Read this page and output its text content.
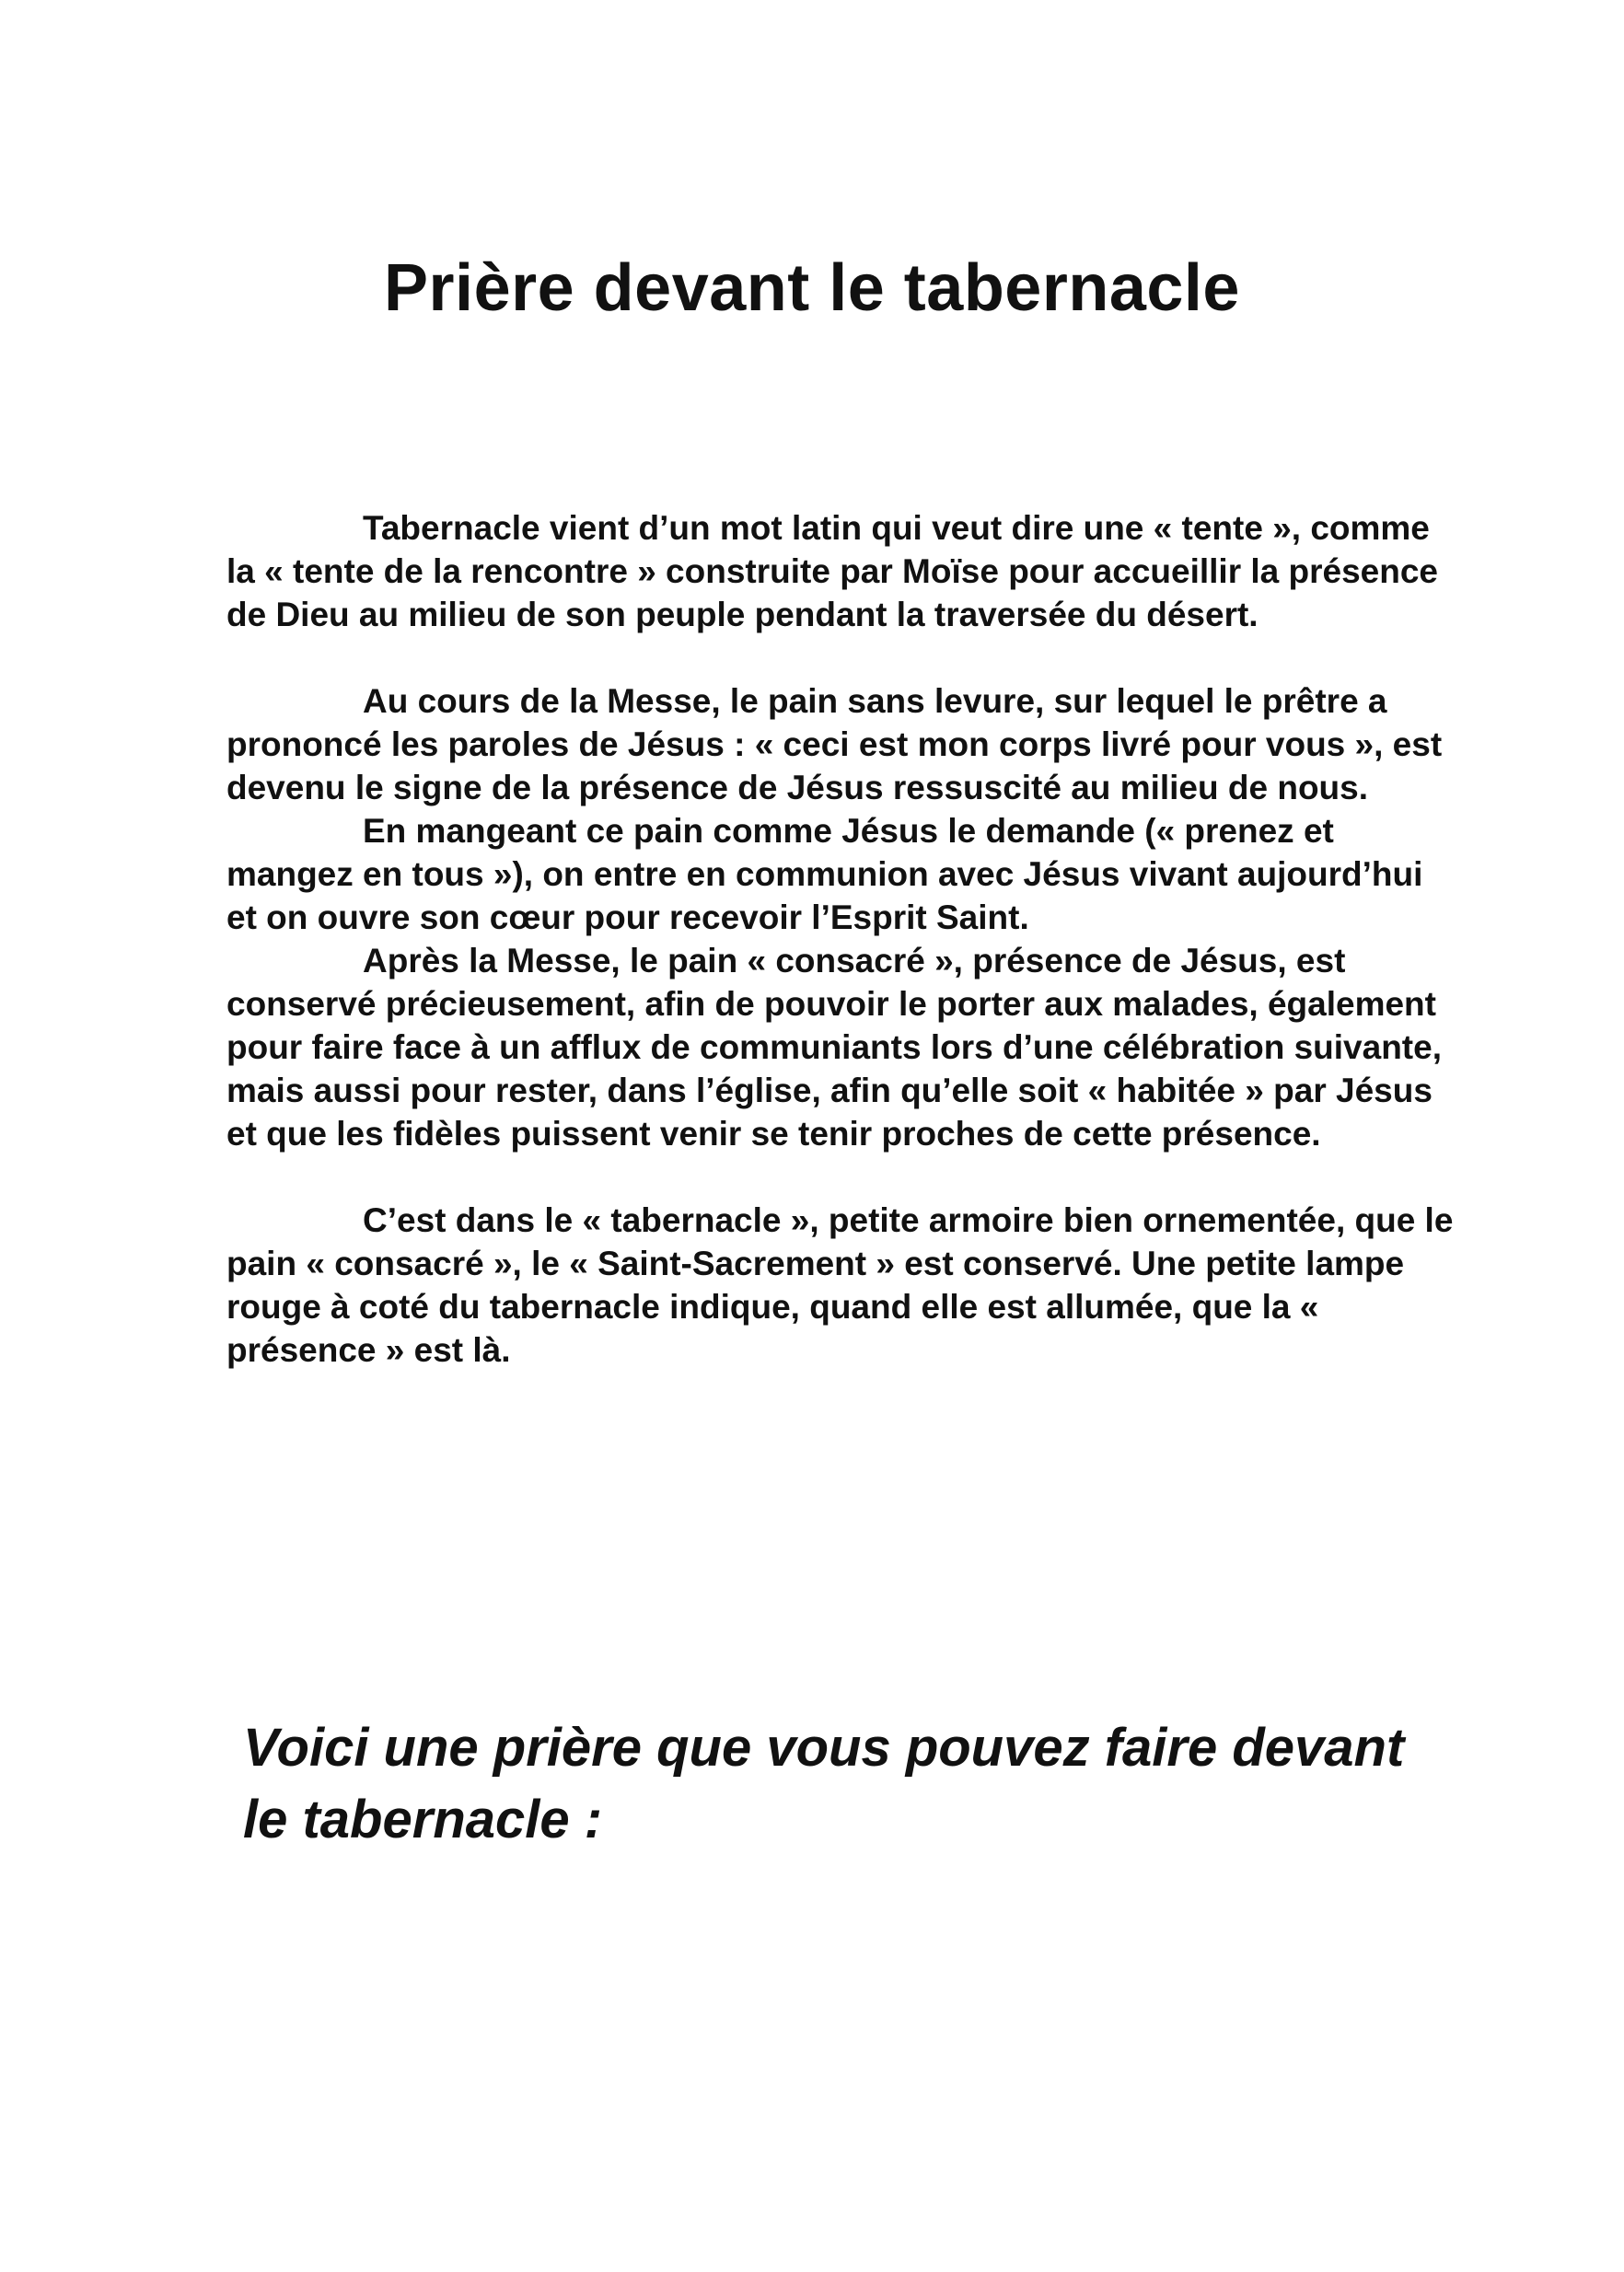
Prière devant le tabernacle

Tabernacle vient d’un mot latin qui veut dire une « tente », comme la « tente de la rencontre » construite par Moïse pour accueillir la présence de Dieu au milieu de son peuple pendant la traversée du désert.

Au cours de la Messe, le pain sans levure, sur lequel le prêtre a prononcé les paroles de Jésus : « ceci est mon corps livré pour vous », est devenu le signe de la présence de Jésus ressuscité au milieu de nous.

En mangeant ce pain comme Jésus le demande (« prenez et mangez en tous »), on entre en communion avec Jésus vivant aujourd’hui et on ouvre son cœur pour recevoir l’Esprit Saint.

Après la Messe, le pain « consacré », présence de Jésus, est conservé précieusement, afin de pouvoir le porter aux malades, également pour faire face à un afflux de communiants lors d’une célébration suivante, mais aussi pour rester, dans l’église, afin qu’elle soit « habitée » par Jésus et que les fidèles puissent venir se tenir proches de cette présence.

C’est dans le « tabernacle », petite armoire bien ornementée, que le pain « consacré », le « Saint-Sacrement » est conservé. Une petite lampe rouge à coté du tabernacle indique, quand elle est allumée, que la « présence » est là.

Voici une prière que vous pouvez faire devant le tabernacle :
